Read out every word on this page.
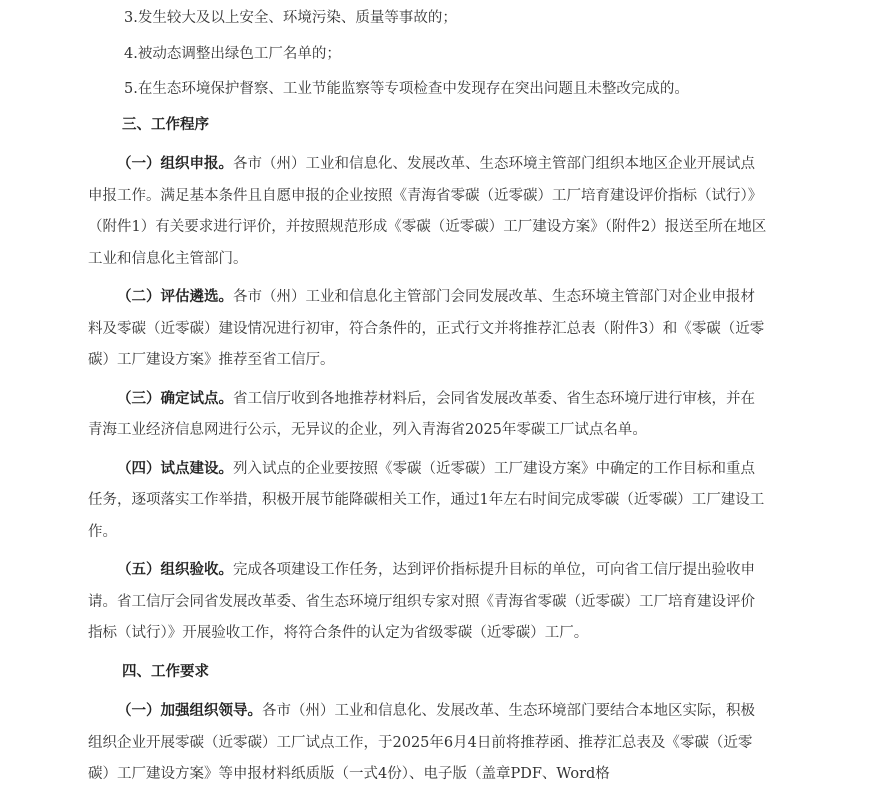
3.发生较大及以上安全、环境污染、质量等事故的；

4.被动态调整出绿色工厂名单的；

5.在生态环境保护督察、工业节能监察等专项检查中发现存在突出问题且未整改完成的。

三、工作程序

（一）组织申报。各市（州）工业和信息化、发展改革、生态环境主管部门组织本地区企业开展试点申报工作。满足基本条件且自愿申报的企业按照《青海省零碳（近零碳）工厂培育建设评价指标（试行）》（附件1）有关要求进行评价，并按照规范形成《零碳（近零碳）工厂建设方案》（附件2）报送至所在地区工业和信息化主管部门。

（二）评估遴选。各市（州）工业和信息化主管部门会同发展改革、生态环境主管部门对企业申报材料及零碳（近零碳）建设情况进行初审，符合条件的，正式行文并将推荐汇总表（附件3）和《零碳（近零碳）工厂建设方案》推荐至省工信厅。

（三）确定试点。省工信厅收到各地推荐材料后，会同省发展改革委、省生态环境厅进行审核，并在青海工业经济信息网进行公示，无异议的企业，列入青海省2025年零碳工厂试点名单。

（四）试点建设。列入试点的企业要按照《零碳（近零碳）工厂建设方案》中确定的工作目标和重点任务，逐项落实工作举措，积极开展节能降碳相关工作，通过1年左右时间完成零碳（近零碳）工厂建设工作。

（五）组织验收。完成各项建设工作任务，达到评价指标提升目标的单位，可向省工信厅提出验收申请。省工信厅会同省发展改革委、省生态环境厅组织专家对照《青海省零碳（近零碳）工厂培育建设评价指标（试行）》开展验收工作，将符合条件的认定为省级零碳（近零碳）工厂。

四、工作要求

（一）加强组织领导。各市（州）工业和信息化、发展改革、生态环境部门要结合本地区实际，积极组织企业开展零碳（近零碳）工厂试点工作，于2025年6月4日前将推荐函、推荐汇总表及《零碳（近零碳）工厂建设方案》等申报材料纸质版（一式4份）、电子版（盖章PDF、Word格
